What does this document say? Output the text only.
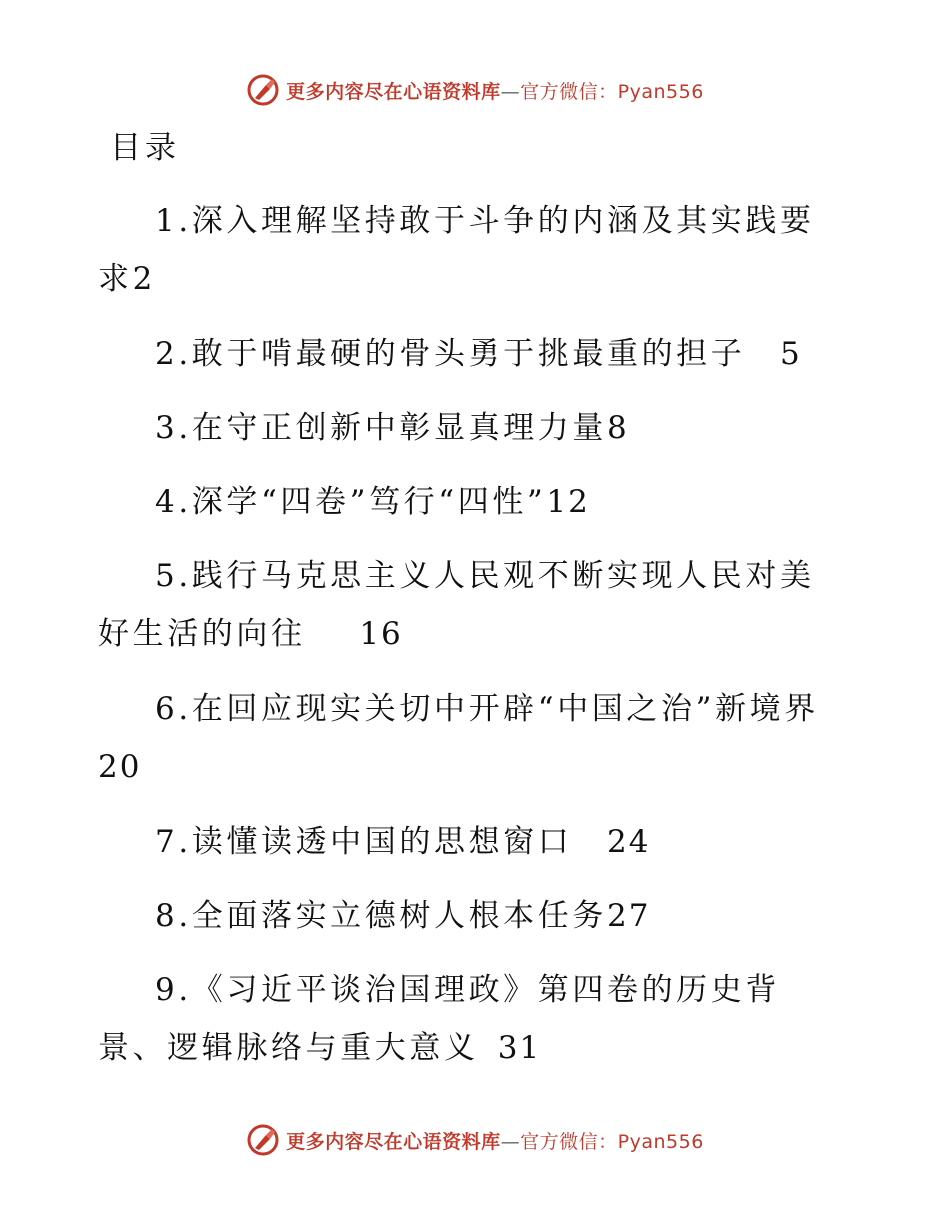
更多内容尽在心语资料库—官方微信：Pyan556
目录

1.深入理解坚持敢于斗争的内涵及其实践要求2

2.敢于啃最硬的骨头勇于挑最重的担子  5

3.在守正创新中彰显真理力量8

4.深学“四卷”笃行“四性”12

5.践行马克思主义人民观不断实现人民对美好生活的向往   16

6.在回应现实关切中开辟“中国之治”新境界20

7.读懂读透中国的思想窗口  24

8.全面落实立德树人根本任务27

9.《习近平谈治国理政》第四卷的历史背景、逻辑脉络与重大意义  31

更多内容尽在心语资料库—官方微信：Pyan556
